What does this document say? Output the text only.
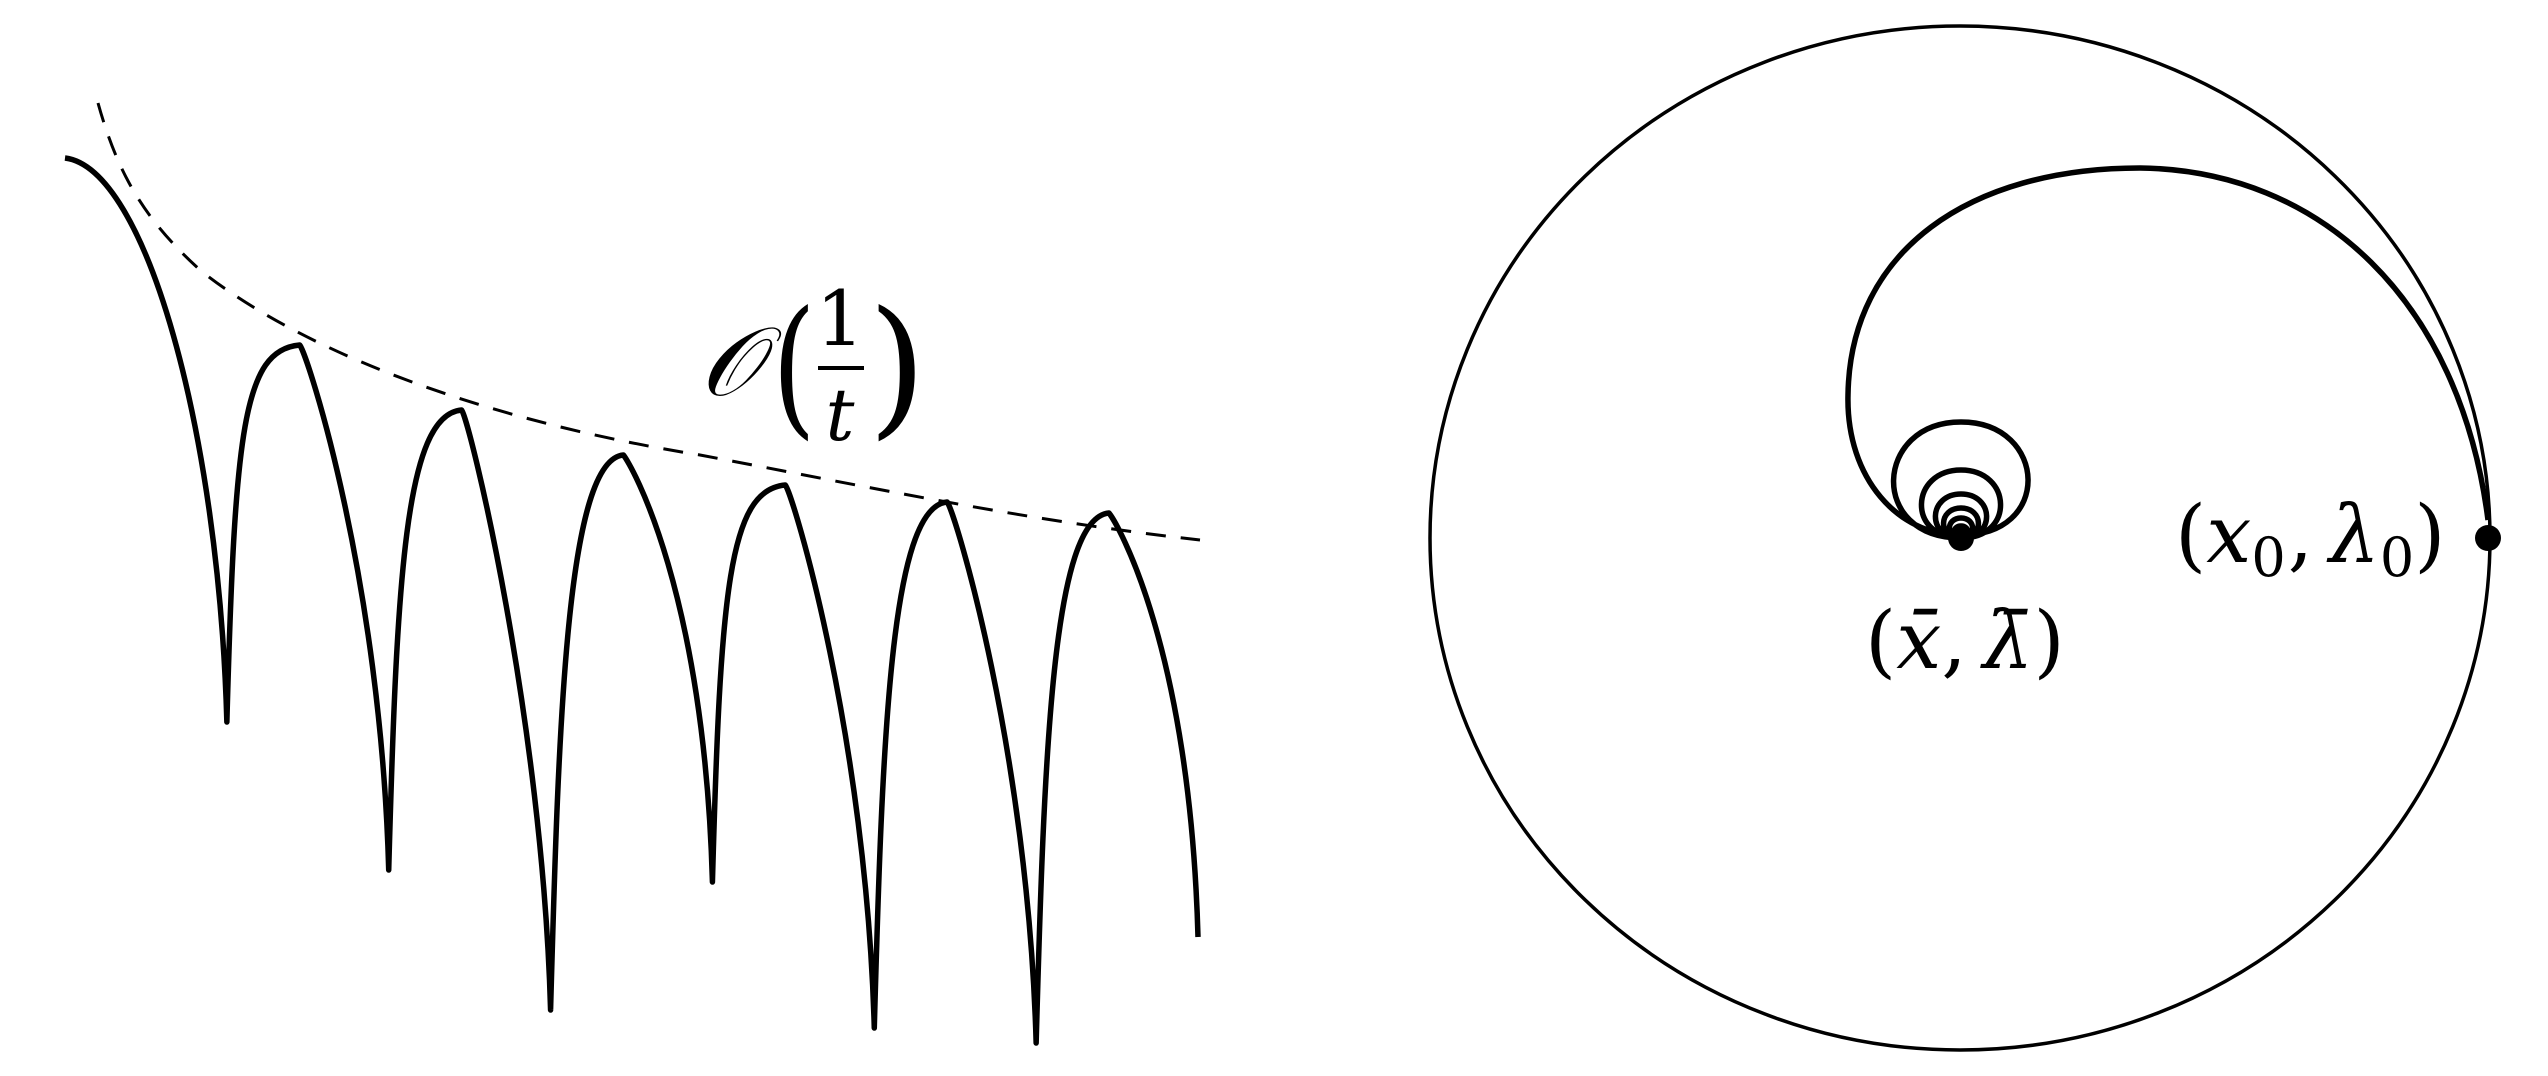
𝒪 ( 1
t )
(x0, λ0)
(x̄, λ̄)
